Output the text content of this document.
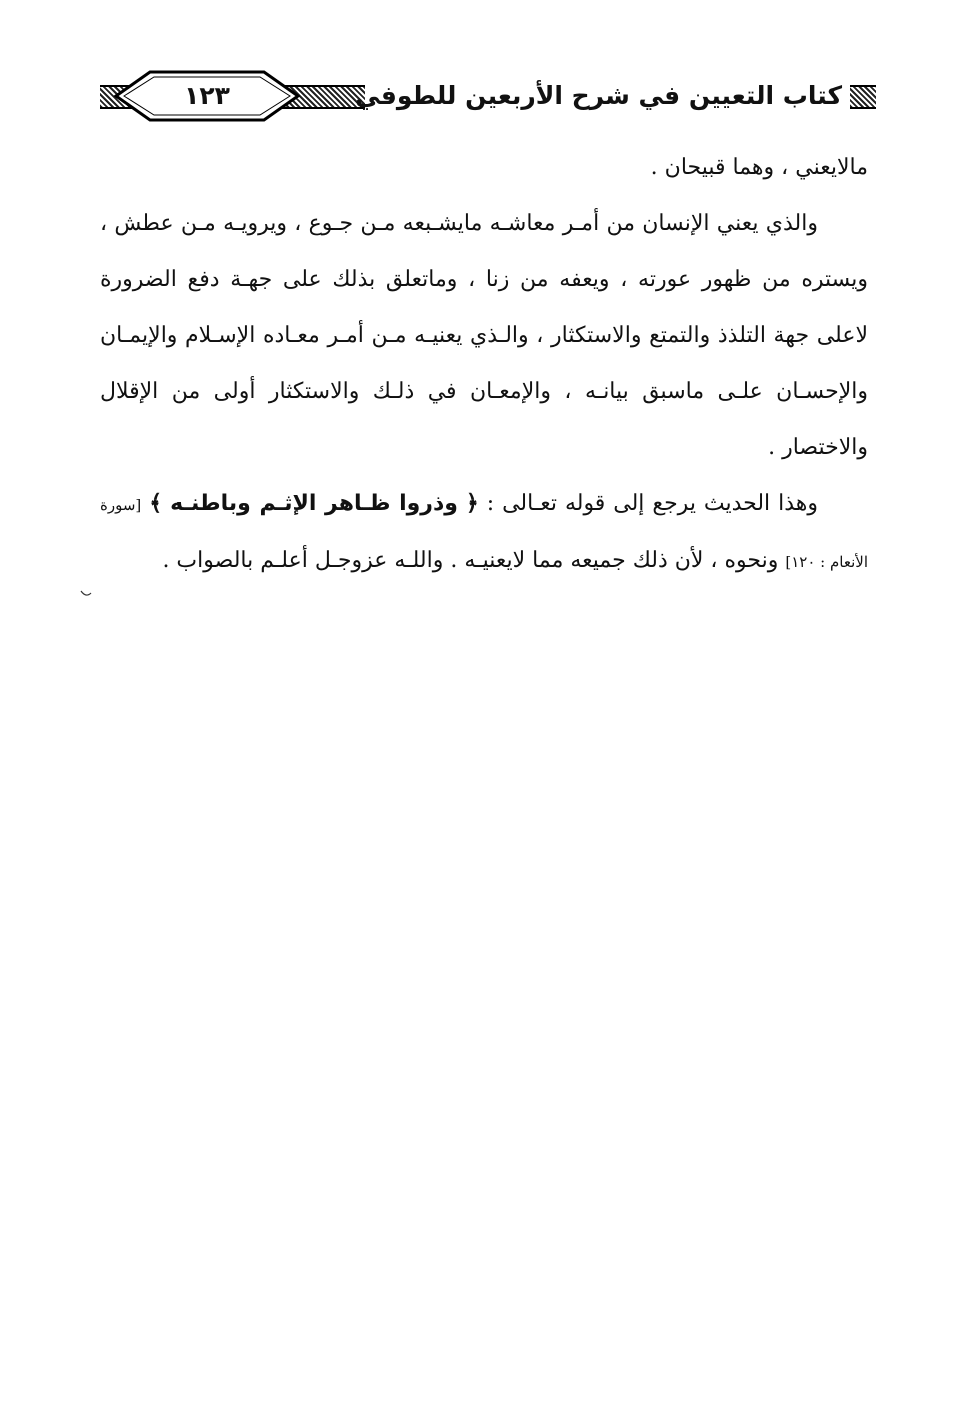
١٢٣	كتاب التعيين في شرح الأربعين للطوفي
مالايعني ، وهما قبيحان .
والذي يعني الإنسان من أمـر معاشـه مايشـبعه مـن جـوع ، ويرويـه مـن عطش ، ويستره من ظهور عورته ، ويعفه من زنا ، وماتعلق بذلك على جهـة دفع الضرورة لاعلى جهة التلذذ والتمتع والاستكثار ، والـذي يعنيـه مـن أمـر معـاده الإسـلام والإيمـان والإحسـان علـى ماسبق بيانـه ، والإمعـان في ذلـك والاستكثار أولى من الإقلال والاختصار .
وهذا الحديث يرجع إلى قوله تعـالى : ﴿ وذروا ظـاهر الإثـم وباطنـه ﴾ [سورة الأنعام : ١٢٠] ونحوه ، لأن ذلك جميعه مما لايعنيـه . واللـه عزوجـل أعلـم بالصواب .
